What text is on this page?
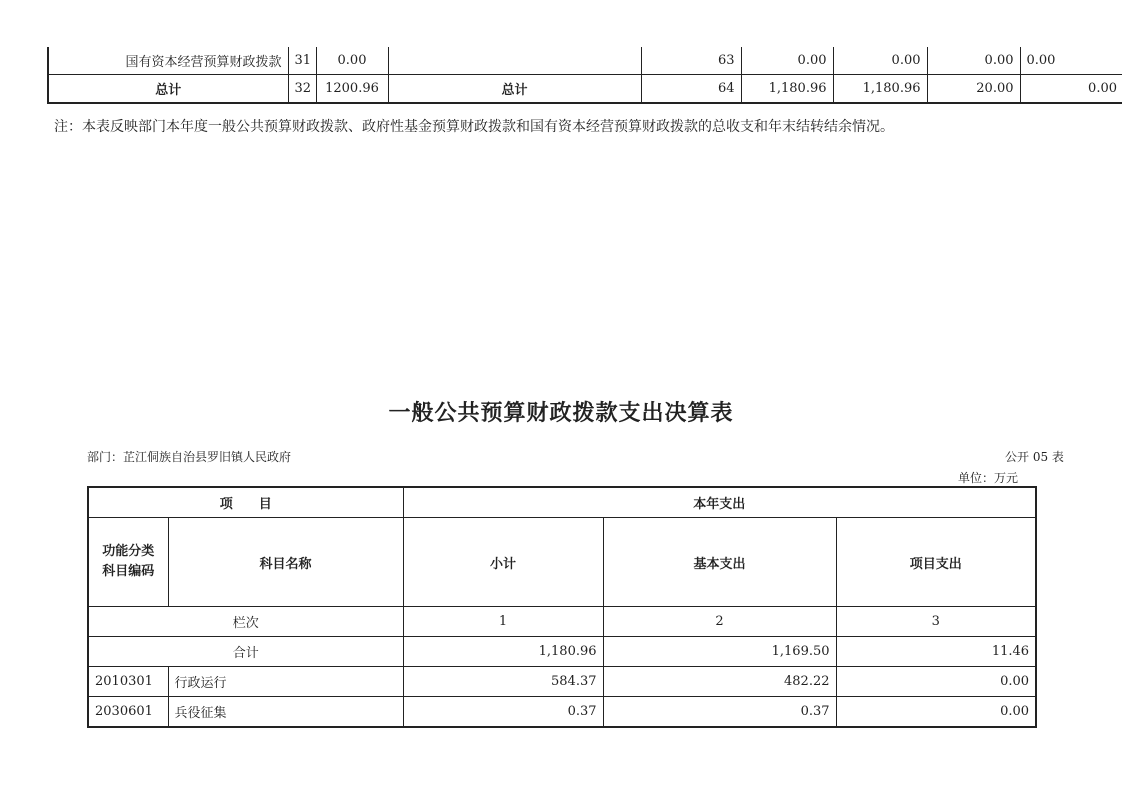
国有资本经营预算财政拨款	31	0.00		63	0.00	0.00	0.00	0.00
总计	32	1200.96	总计	64	1,180.96	1,180.96	20.00	0.00
注：本表反映部门本年度一般公共预算财政拨款、政府性基金预算财政拨款和国有资本经营预算财政拨款的总收支和年末结转结余情况。
一般公共预算财政拨款支出决算表
部门：芷江侗族自治县罗旧镇人民政府	公开 05 表
单位：万元
项　　目		本年支出		
功能分类
科目编码	科目名称	小计	基本支出	项目支出
栏次		1	2	3
合计		1,180.96	1,169.50	11.46
2010301	行政运行	584.37	482.22	0.00
2030601	兵役征集	0.37	0.37	0.00
